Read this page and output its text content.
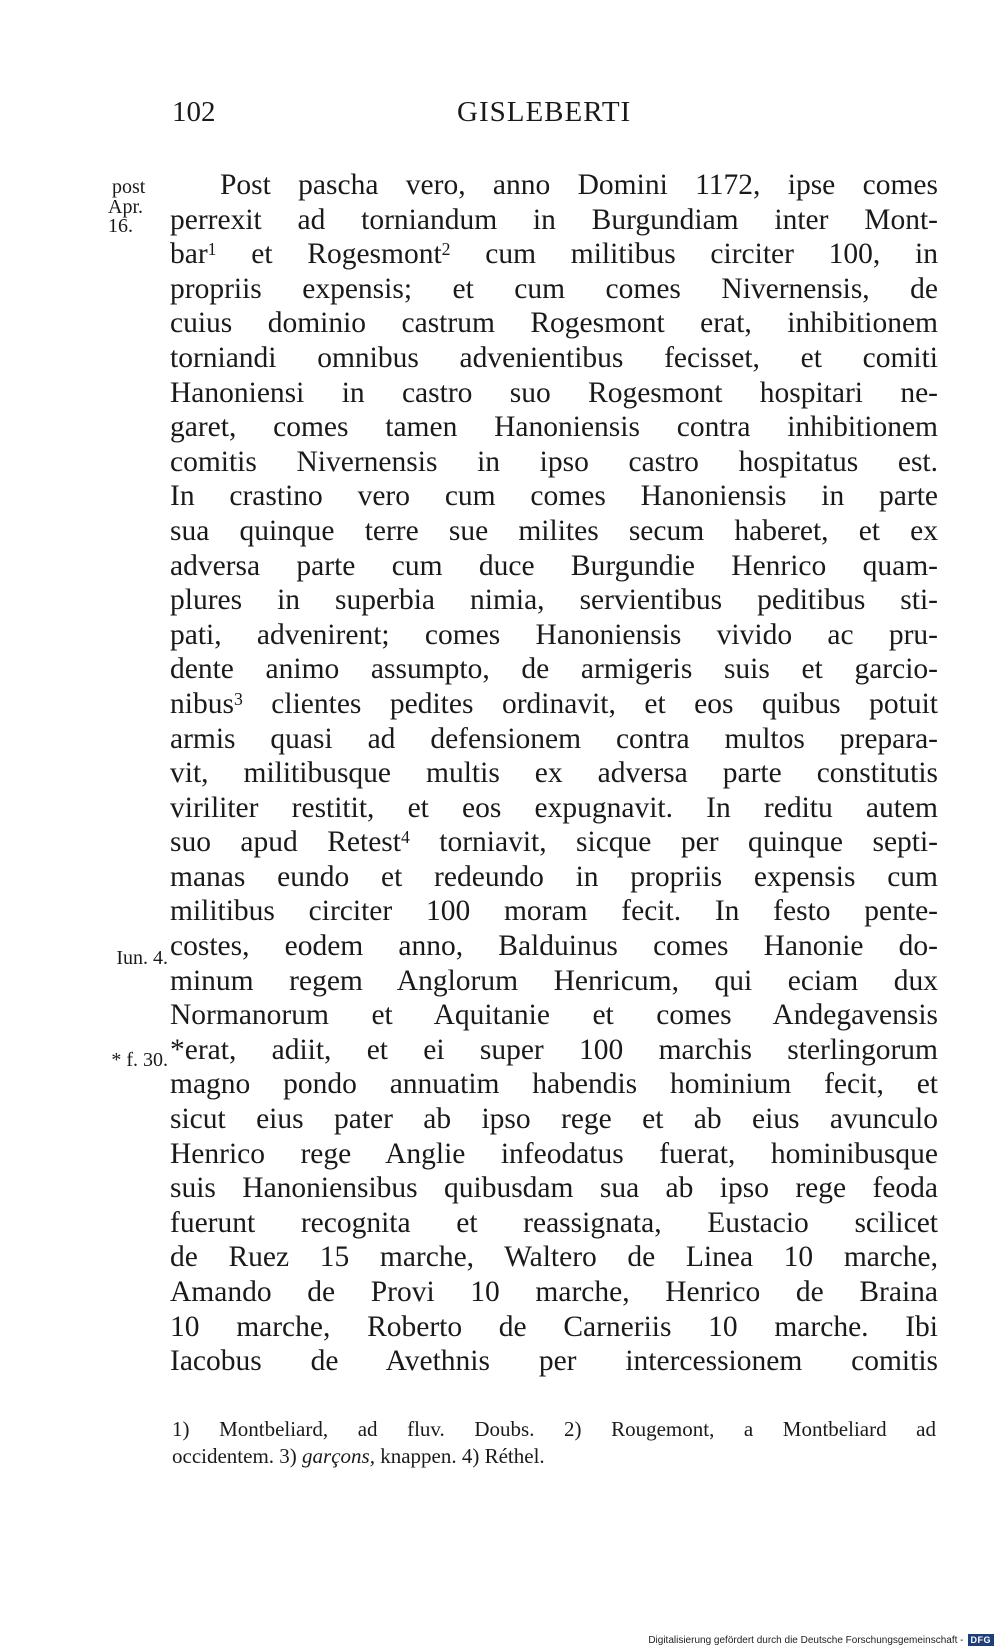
102	GISLEBERTI
post
Apr.
16.
Iun. 4.
* f. 30.
Post pascha vero, anno Domini 1172, ipse comes
perrexit ad torniandum in Burgundiam inter Mont-
bar$^1$ et Rogesmont$^2$ cum militibus circiter 100, in
propriis expensis; et cum comes Nivernensis, de
cuius dominio castrum Rogesmont erat, inhibitionem
torniandi omnibus advenientibus fecisset, et comiti
Hanoniensi in castro suo Rogesmont hospitari ne-
garet, comes tamen Hanoniensis contra inhibitionem
comitis Nivernensis in ipso castro hospitatus est.
In crastino vero cum comes Hanoniensis in parte
sua quinque terre sue milites secum haberet, et ex
adversa parte cum duce Burgundie Henrico quam-
plures in superbia nimia, servientibus peditibus sti-
pati, advenirent; comes Hanoniensis vivido ac pru-
dente animo assumpto, de armigeris suis et garcio-
nibus$^3$ clientes pedites ordinavit, et eos quibus potuit
armis quasi ad defensionem contra multos prepara-
vit, militibusque multis ex adversa parte constitutis
viriliter restitit, et eos expugnavit. In reditu autem
suo apud Retest$^4$ torniavit, sicque per quinque septi-
manas eundo et redeundo in propriis expensis cum
militibus circiter 100 moram fecit. In festo pente-
costes, eodem anno, Balduinus comes Hanonie do-
minum regem Anglorum Henricum, qui eciam dux
Normanorum et Aquitanie et comes Andegavensis
*erat, adiit, et ei super 100 marchis sterlingorum
magno pondo annuatim habendis hominium fecit, et
sicut eius pater ab ipso rege et ab eius avunculo
Henrico rege Anglie infeodatus fuerat, hominibusque
suis Hanoniensibus quibusdam sua ab ipso rege feoda
fuerunt recognita et reassignata, Eustacio scilicet
de Ruez 15 marche, Waltero de Linea 10 marche,
Amando de Provi 10 marche, Henrico de Braina
10 marche, Roberto de Carneriis 10 marche. Ibi
Iacobus de Avethnis per intercessionem comitis
1) Montbeliard, ad fluv. Doubs. 2) Rougemont, a Montbeliard ad
occidentem. 3) garçons, knappen. 4) Réthel.
Digitalisierung gefördert durch die Deutsche Forschungsgemeinschaft - DFG
